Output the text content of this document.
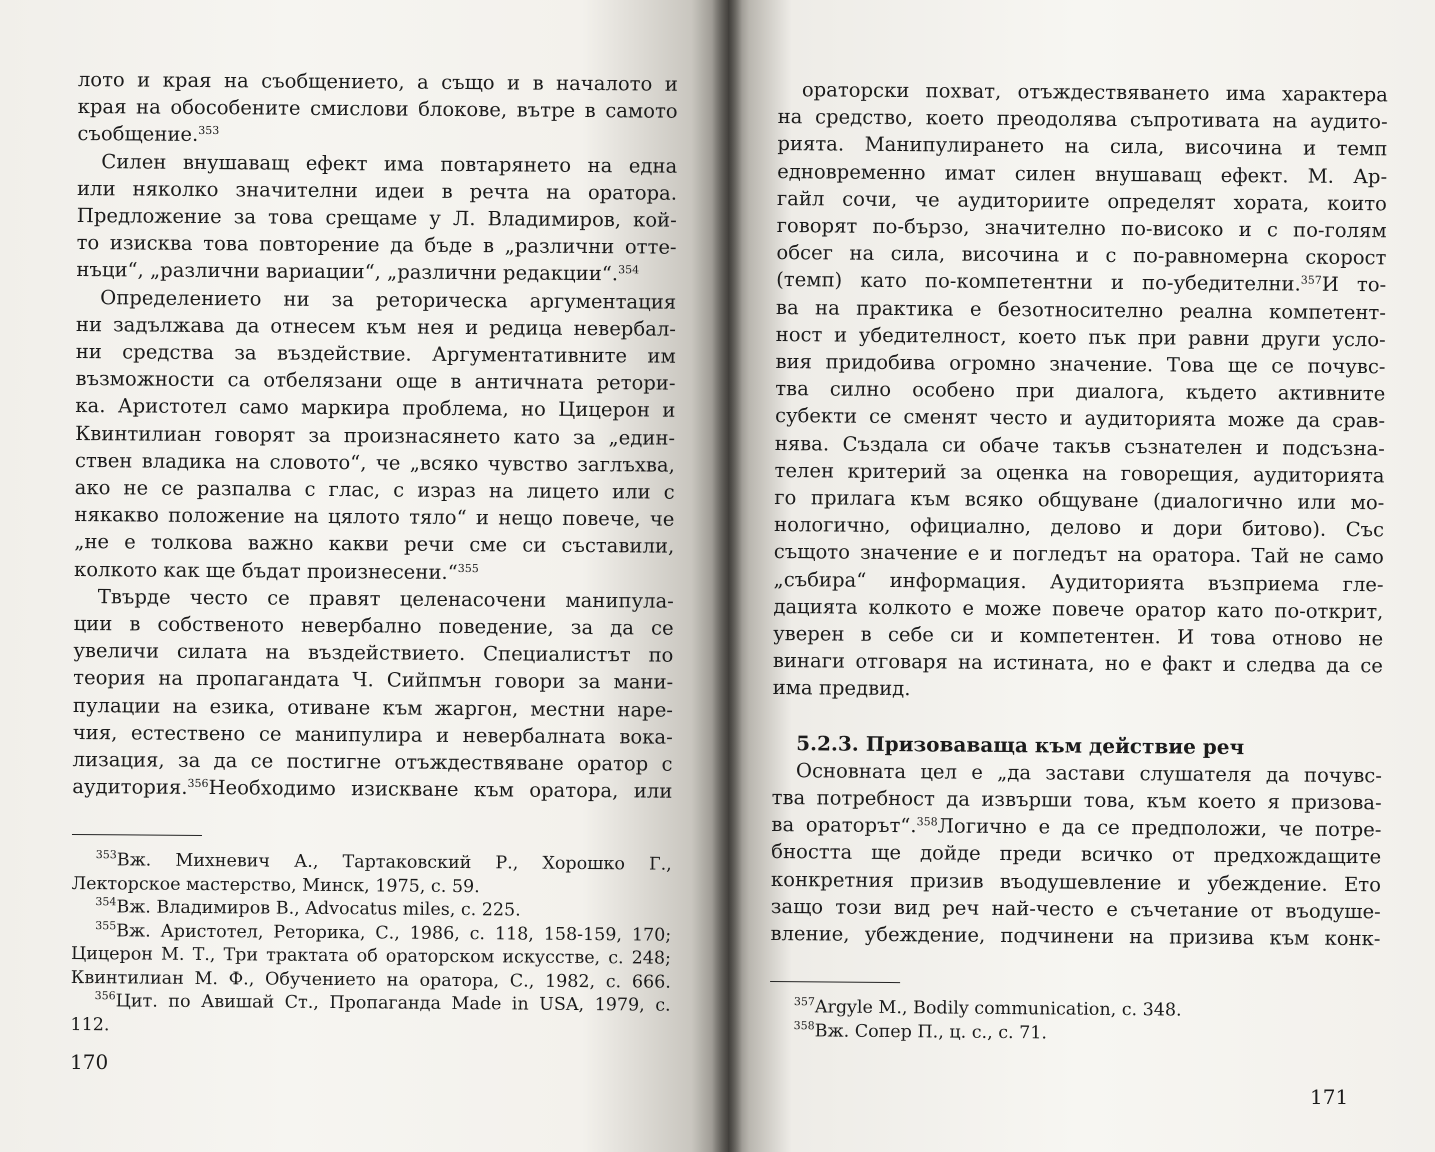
лото и края на съобщението, а също и в началото и
края на обособените смислови блокове, вътре в самото
съобщение.$^{353}$
Силен внушаващ ефект има повтарянето на една
или няколко значителни идеи в речта на оратора.
Предложение за това срещаме у Л. Владимиров, кой-
то изисква това повторение да бъде в „различни отте-
нъци“, „различни вариации“, „различни редакции“.$^{354}$
Определението ни за реторическа аргументация
ни задължава да отнесем към нея и редица невербал-
ни средства за въздействие. Аргументативните им
възможности са отбелязани още в античната ретори-
ка. Аристотел само маркира проблема, но Цицерон и
Квинтилиан говорят за произнасянето като за „един-
ствен владика на словото“, че „всяко чувство заглъхва,
ако не се разпалва с глас, с израз на лицето или с
някакво положение на цялото тяло“ и нещо повече, че
„не е толкова важно какви речи сме си съставили,
колкото как ще бъдат произнесени.“$^{355}$
Твърде често се правят целенасочени манипула-
ции в собственото невербално поведение, за да се
увеличи силата на въздействието. Специалистът по
теория на пропагандата Ч. Сийпмън говори за мани-
пулации на езика, отиване към жаргон, местни наре-
чия, естествено се манипулира и невербалната вока-
лизация, за да се постигне отъждествяване оратор с
аудитория.$^{356}$Необходимо изискване към оратора, или
$^{353}$Вж. Михневич А., Тартаковский Р., Хорошко Г.,
Лекторское мастерство, Минск, 1975, с. 59.
$^{354}$Вж. Владимиров В., Advocatus miles, с. 225.
$^{355}$Вж. Аристотел, Реторика, С., 1986, с. 118, 158-159, 170;
Цицерон М. Т., Три трактата об ораторском искусстве, с. 248;
Квинтилиан М. Ф., Обучението на оратора, С., 1982, с. 666.
$^{356}$Цит. по Авишай Ст., Пропаганда Made in USA, 1979, с.
112.
170
ораторски похват, отъждествяването има характера
на средство, което преодолява съпротивата на аудито-
рията. Манипулирането на сила, височина и темп
едновременно имат силен внушаващ ефект. М. Ар-
гайл сочи, че аудиториите определят хората, които
говорят по-бързо, значително по-високо и с по-голям
обсег на сила, височина и с по-равномерна скорост
(темп) като по-компетентни и по-убедителни.$^{357}$И то-
ва на практика е безотносително реална компетент-
ност и убедителност, което пък при равни други усло-
вия придобива огромно значение. Това ще се почувс-
тва силно особено при диалога, където активните
субекти се сменят често и аудиторията може да срав-
нява. Създала си обаче такъв съзнателен и подсъзна-
телен критерий за оценка на говорещия, аудиторията
го прилага към всяко общуване (диалогично или мо-
нологично, официално, делово и дори битово). Със
същото значение е и погледът на оратора. Тай не само
„събира“ информация. Аудиторията възприема гле-
дацията колкото е може повече оратор като по-открит,
уверен в себе си и компетентен. И това отново не
винаги отговаря на истината, но е факт и следва да се
има предвид.
5.2.3. Призоваваща към действие реч
Основната цел е „да застави слушателя да почувс-
тва потребност да извърши това, към което я призова-
ва ораторът“.$^{358}$Логично е да се предположи, че потре-
бността ще дойде преди всичко от предхождащите
конкретния призив въодушевление и убеждение. Ето
защо този вид реч най-често е съчетание от въодуше-
вление, убеждение, подчинени на призива към конк-
$^{357}$Argyle M., Bodily communication, с. 348.
$^{358}$Вж. Сопер П., ц. с., с. 71.
171
